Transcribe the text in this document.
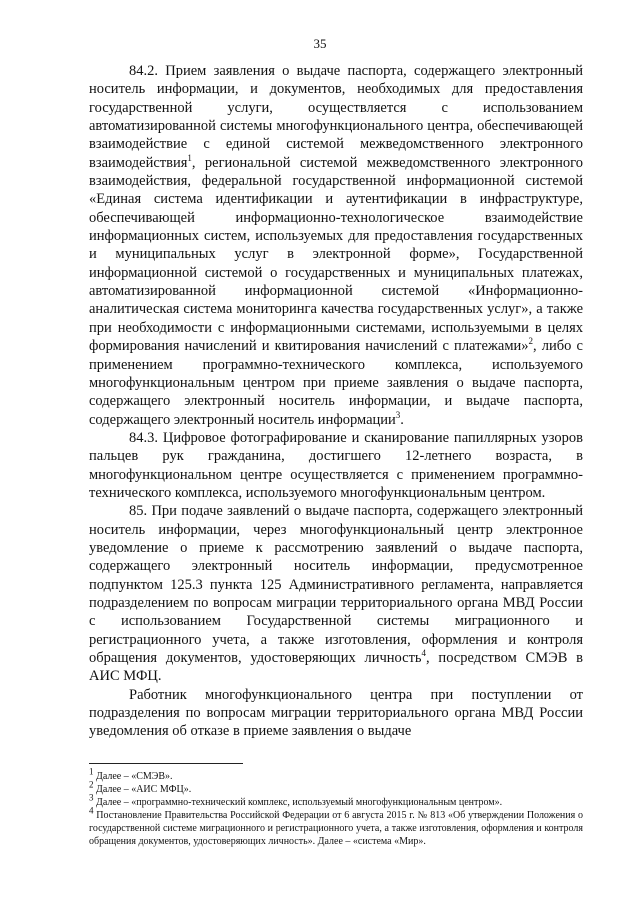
35

84.2. Прием заявления о выдаче паспорта, содержащего электронный носитель информации, и документов, необходимых для предоставления государственной услуги, осуществляется с использованием автоматизированной системы многофункционального центра, обеспечивающей взаимодействие с единой системой межведомственного электронного взаимодействия$^1$, региональной системой межведомственного электронного взаимодействия, федеральной государственной информационной системой «Единая система идентификации и аутентификации в инфраструктуре, обеспечивающей информационно-технологическое взаимодействие информационных систем, используемых для предоставления государственных и муниципальных услуг в электронной форме», Государственной информационной системой о государственных и муниципальных платежах, автоматизированной информационной системой «Информационно-аналитическая система мониторинга качества государственных услуг», а также при необходимости с информационными системами, используемыми в целях формирования начислений и квитирования начислений с платежами»$^2$, либо с применением программно-технического комплекса, используемого многофункциональным центром при приеме заявления о выдаче паспорта, содержащего электронный носитель информации, и выдаче паспорта, содержащего электронный носитель информации$^3$.

84.3. Цифровое фотографирование и сканирование папиллярных узоров пальцев рук гражданина, достигшего 12-летнего возраста, в многофункциональном центре осуществляется с применением программно-технического комплекса, используемого многофункциональным центром.

85. При подаче заявлений о выдаче паспорта, содержащего электронный носитель информации, через многофункциональный центр электронное уведомление о приеме к рассмотрению заявлений о выдаче паспорта, содержащего электронный носитель информации, предусмотренное подпунктом 125.3 пункта 125 Административного регламента, направляется подразделением по вопросам миграции территориального органа МВД России с использованием Государственной системы миграционного и регистрационного учета, а также изготовления, оформления и контроля обращения документов, удостоверяющих личность$^4$, посредством СМЭВ в АИС МФЦ.

Работник многофункционального центра при поступлении от подразделения по вопросам миграции территориального органа МВД России уведомления об отказе в приеме заявления о выдаче

$^1$ Далее – «СМЭВ».

$^2$ Далее – «АИС МФЦ».

$^3$ Далее – «программно-технический комплекс, используемый многофункциональным центром».

$^4$ Постановление Правительства Российской Федерации от 6 августа 2015 г. № 813 «Об утверждении Положения о государственной системе миграционного и регистрационного учета, а также изготовления, оформления и контроля обращения документов, удостоверяющих личность». Далее – «система «Мир».
